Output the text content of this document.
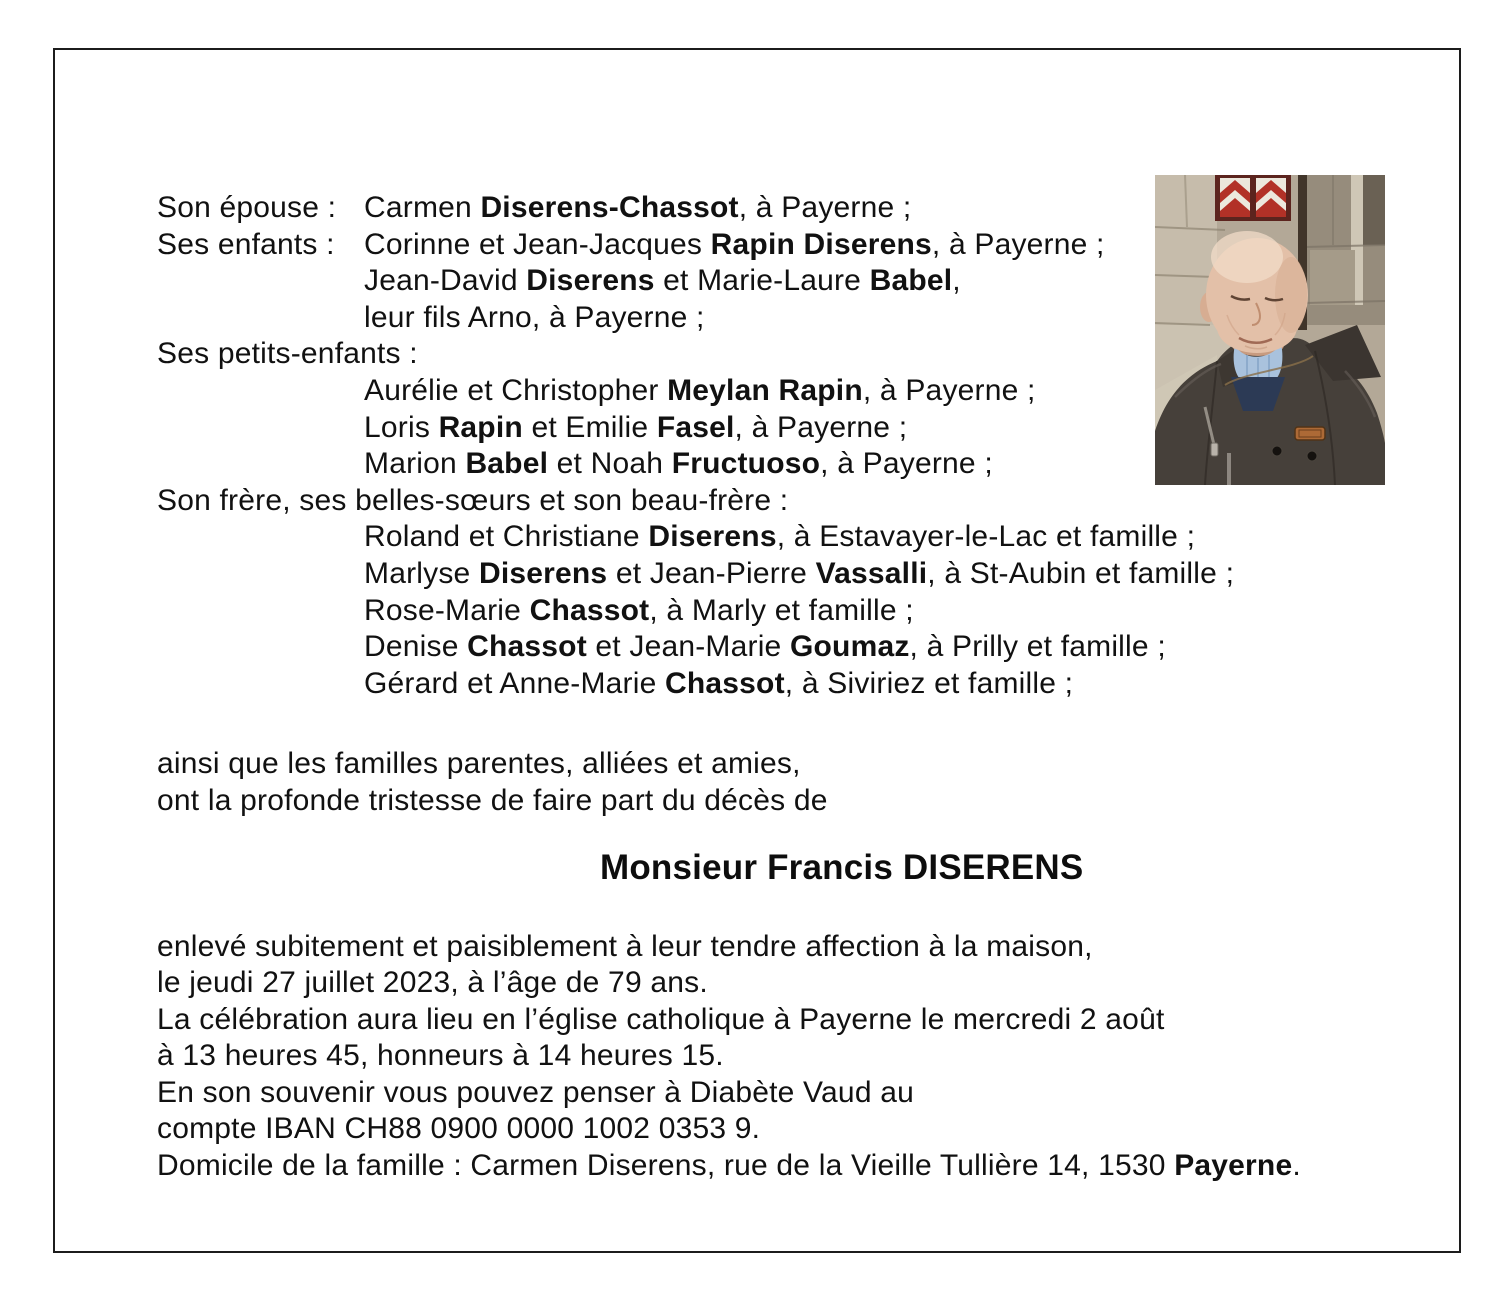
Son épouse : Carmen Diserens-Chassot, à Payerne ;
Ses enfants : Corinne et Jean-Jacques Rapin Diserens, à Payerne ;
Jean-David Diserens et Marie-Laure Babel,
leur fils Arno, à Payerne ;
Ses petits-enfants :
Aurélie et Christopher Meylan Rapin, à Payerne ;
Loris Rapin et Emilie Fasel, à Payerne ;
Marion Babel et Noah Fructuoso, à Payerne ;
Son frère, ses belles-sœurs et son beau-frère :
Roland et Christiane Diserens, à Estavayer-le-Lac et famille ;
Marlyse Diserens et Jean-Pierre Vassalli, à St-Aubin et famille ;
Rose-Marie Chassot, à Marly et famille ;
Denise Chassot et Jean-Marie Goumaz, à Prilly et famille ;
Gérard et Anne-Marie Chassot, à Siviriez et famille ;
ainsi que les familles parentes, alliées et amies,
ont la profonde tristesse de faire part du décès de
Monsieur Francis DISERENS
enlevé subitement et paisiblement à leur tendre affection à la maison,
le jeudi 27 juillet 2023, à l’âge de 79 ans.
La célébration aura lieu en l’église catholique à Payerne le mercredi 2 août
à 13 heures 45, honneurs à 14 heures 15.
En son souvenir vous pouvez penser à Diabète Vaud au
compte IBAN CH88 0900 0000 1002 0353 9.
Domicile de la famille : Carmen Diserens, rue de la Vieille Tullière 14, 1530 Payerne.
